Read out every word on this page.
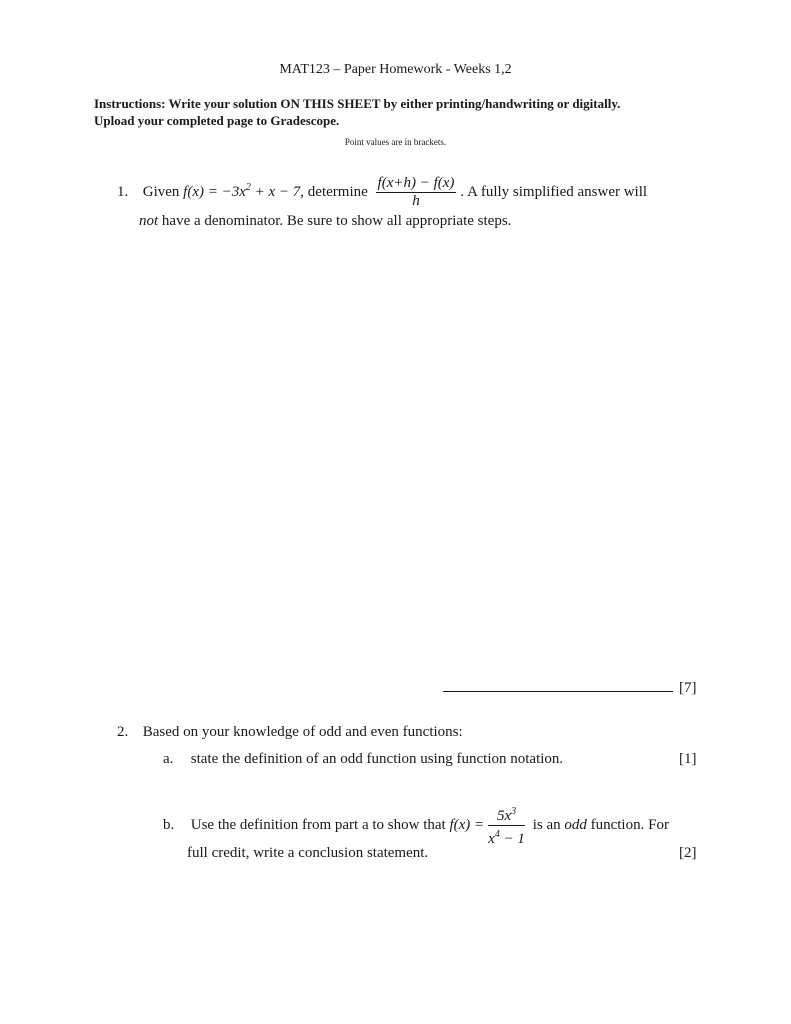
MAT123 – Paper Homework - Weeks 1,2
Instructions: Write your solution ON THIS SHEET by either printing/handwriting or digitally.
Upload your completed page to Gradescope.
Point values are in brackets.
1. Given $f(x) = -3x^2 + x - 7$, determine $\frac{f(x+h) - f(x)}{h}$ . A fully simplified answer will
not have a denominator. Be sure to show all appropriate steps.
[7]
2. Based on your knowledge of odd and even functions:
a. state the definition of an odd function using function notation.	[1]
b. Use the definition from part a to show that $f(x) = \frac{5x^3}{x^4 - 1}$ is an odd function. For
full credit, write a conclusion statement.	[2]
